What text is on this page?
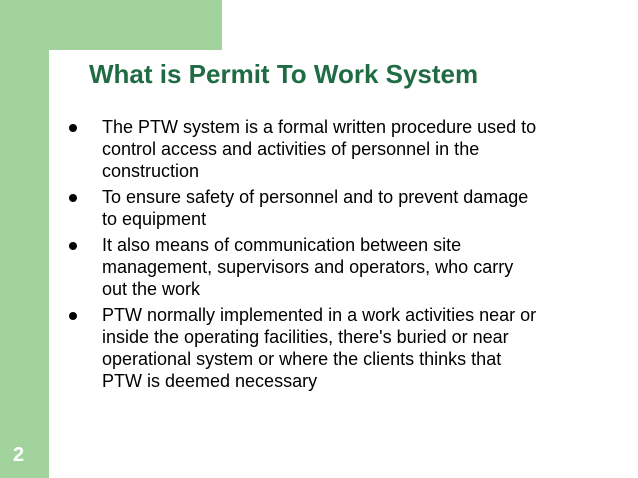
What is Permit To Work System
The PTW system is a formal written procedure used to
control access and activities of personnel in the
construction
To ensure safety of personnel and to prevent damage
to equipment
It also means of communication between site
management, supervisors and operators, who carry
out the work
PTW normally implemented in a work activities near or
inside the operating facilities, there's buried or near
operational system or where the clients thinks that
PTW is deemed necessary
2
